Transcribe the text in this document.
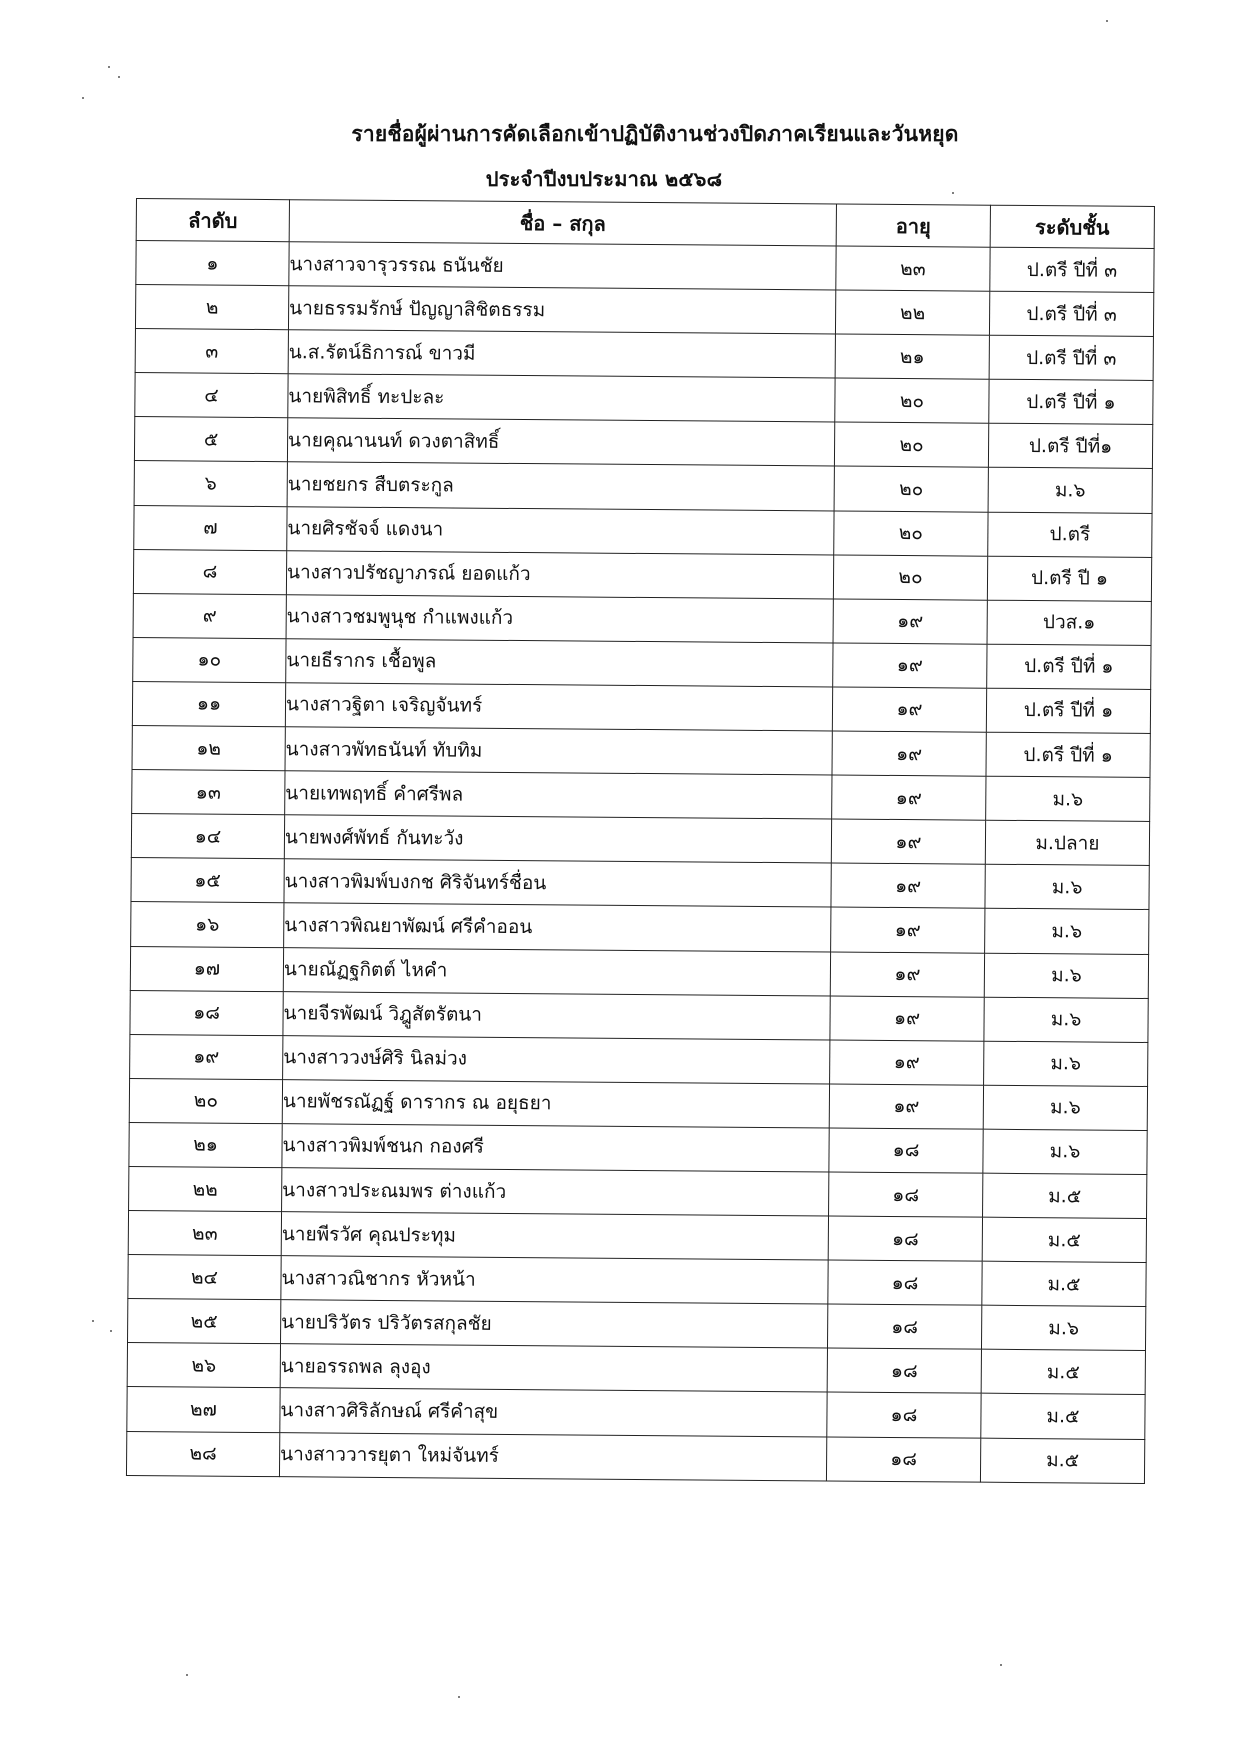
รายชื่อผู้ผ่านการคัดเลือกเข้าปฏิบัติงานช่วงปิดภาคเรียนและวันหยุด
ประจำปีงบประมาณ ๒๕๖๘
ลำดับ	ชื่อ – สกุล	อายุ	ระดับชั้น
๑	นางสาวจารุวรรณ ธนันชัย	๒๓	ป.ตรี ปีที่ ๓
๒	นายธรรมรักษ์ ปัญญาสิชิตธรรม	๒๒	ป.ตรี ปีที่ ๓
๓	น.ส.รัตน์ธิการณ์ ขาวมี	๒๑	ป.ตรี ปีที่ ๓
๔	นายพิสิทธิ์ ทะปะละ	๒๐	ป.ตรี ปีที่ ๑
๕	นายคุณานนท์ ดวงตาสิทธิ์	๒๐	ป.ตรี ปีที่๑
๖	นายชยกร สืบตระกูล	๒๐	ม.๖
๗	นายศิรชัจจ์ แดงนา	๒๐	ป.ตรี
๘	นางสาวปรัชญาภรณ์ ยอดแก้ว	๒๐	ป.ตรี ปี ๑
๙	นางสาวชมพูนุช กำแพงแก้ว	๑๙	ปวส.๑
๑๐	นายธีรากร เชื้อพูล	๑๙	ป.ตรี ปีที่ ๑
๑๑	นางสาวฐิตา เจริญจันทร์	๑๙	ป.ตรี ปีที่ ๑
๑๒	นางสาวพัทธนันท์ ทับทิม	๑๙	ป.ตรี ปีที่ ๑
๑๓	นายเทพฤทธิ์ คำศรีพล	๑๙	ม.๖
๑๔	นายพงศ์พัทธ์ กันทะวัง	๑๙	ม.ปลาย
๑๕	นางสาวพิมพ์บงกช ศิริจันทร์ชื่อน	๑๙	ม.๖
๑๖	นางสาวพิณยาพัฒน์ ศรีคำออน	๑๙	ม.๖
๑๗	นายณัฏฐกิตต์ ไหคำ	๑๙	ม.๖
๑๘	นายจีรพัฒน์ วิฎูสัตรัตนา	๑๙	ม.๖
๑๙	นางสาววงษ์ศิริ นิลม่วง	๑๙	ม.๖
๒๐	นายพัชรณัฏฐ์ ดารากร ณ อยุธยา	๑๙	ม.๖
๒๑	นางสาวพิมพ์ชนก กองศรี	๑๘	ม.๖
๒๒	นางสาวประณมพร ต่างแก้ว	๑๘	ม.๕
๒๓	นายพีรวัศ คุณประทุม	๑๘	ม.๕
๒๔	นางสาวณิชากร หัวหน้า	๑๘	ม.๕
๒๕	นายปริวัตร ปริวัตรสกุลชัย	๑๘	ม.๖
๒๖	นายอรรถพล ลุงอุง	๑๘	ม.๕
๒๗	นางสาวศิริลักษณ์ ศรีคำสุข	๑๘	ม.๕
๒๘	นางสาววารยุตา ใหม่จันทร์	๑๘	ม.๕
